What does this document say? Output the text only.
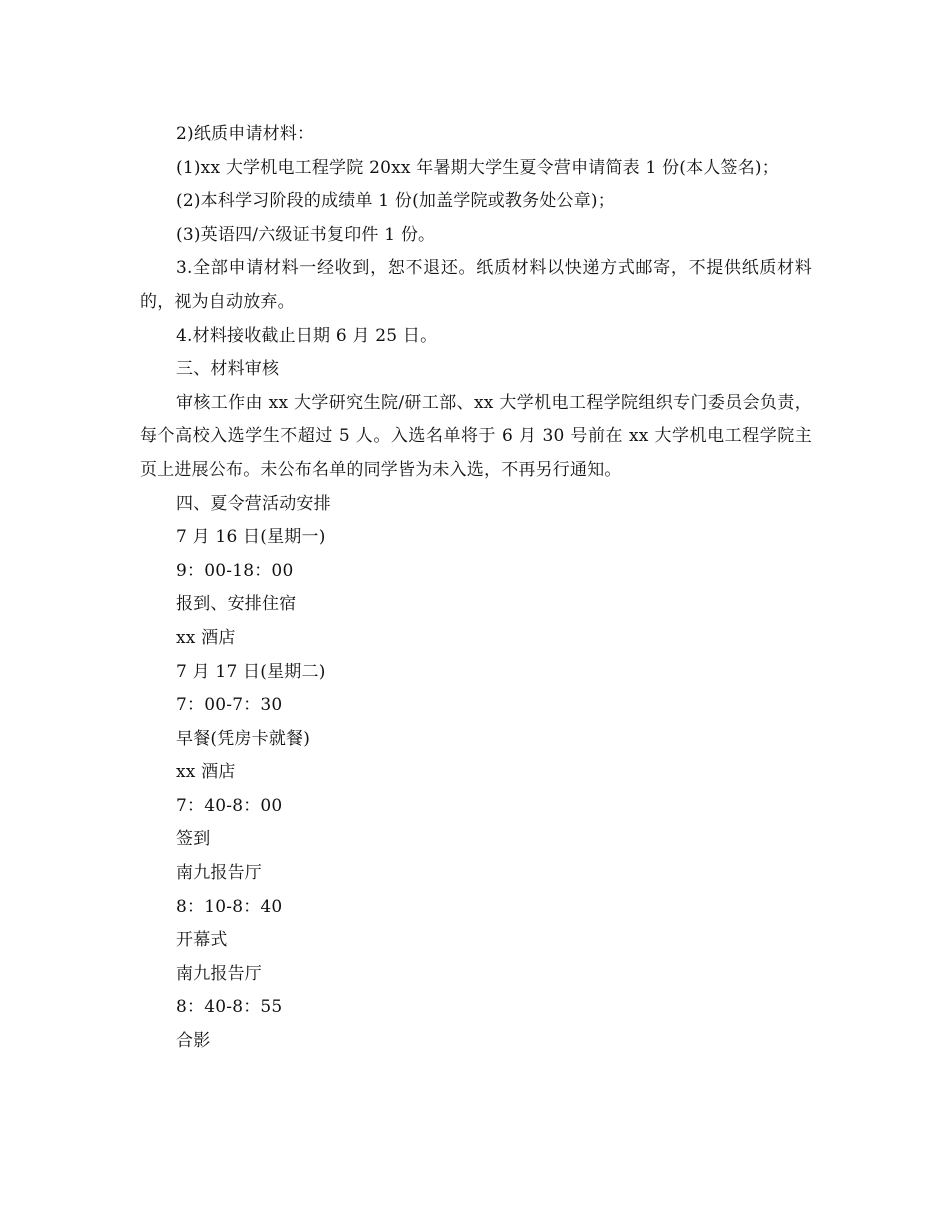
2)纸质申请材料：

(1)xx 大学机电工程学院 20xx 年暑期大学生夏令营申请简表 1 份(本人签名)；

(2)本科学习阶段的成绩单 1 份(加盖学院或教务处公章)；

(3)英语四/六级证书复印件 1 份。

3.全部申请材料一经收到，恕不退还。纸质材料以快递方式邮寄，不提供纸质材料的，视为自动放弃。

4.材料接收截止日期 6 月 25 日。

三、材料审核

审核工作由 xx 大学研究生院/研工部、xx 大学机电工程学院组织专门委员会负责，每个高校入选学生不超过 5 人。入选名单将于 6 月 30 号前在 xx 大学机电工程学院主页上进展公布。未公布名单的同学皆为未入选，不再另行通知。

四、夏令营活动安排

7 月 16 日(星期一)

9：00-18：00

报到、安排住宿

xx 酒店

7 月 17 日(星期二)

7：00-7：30

早餐(凭房卡就餐)

xx 酒店

7：40-8：00

签到

南九报告厅

8：10-8：40

开幕式

南九报告厅

8：40-8：55

合影
